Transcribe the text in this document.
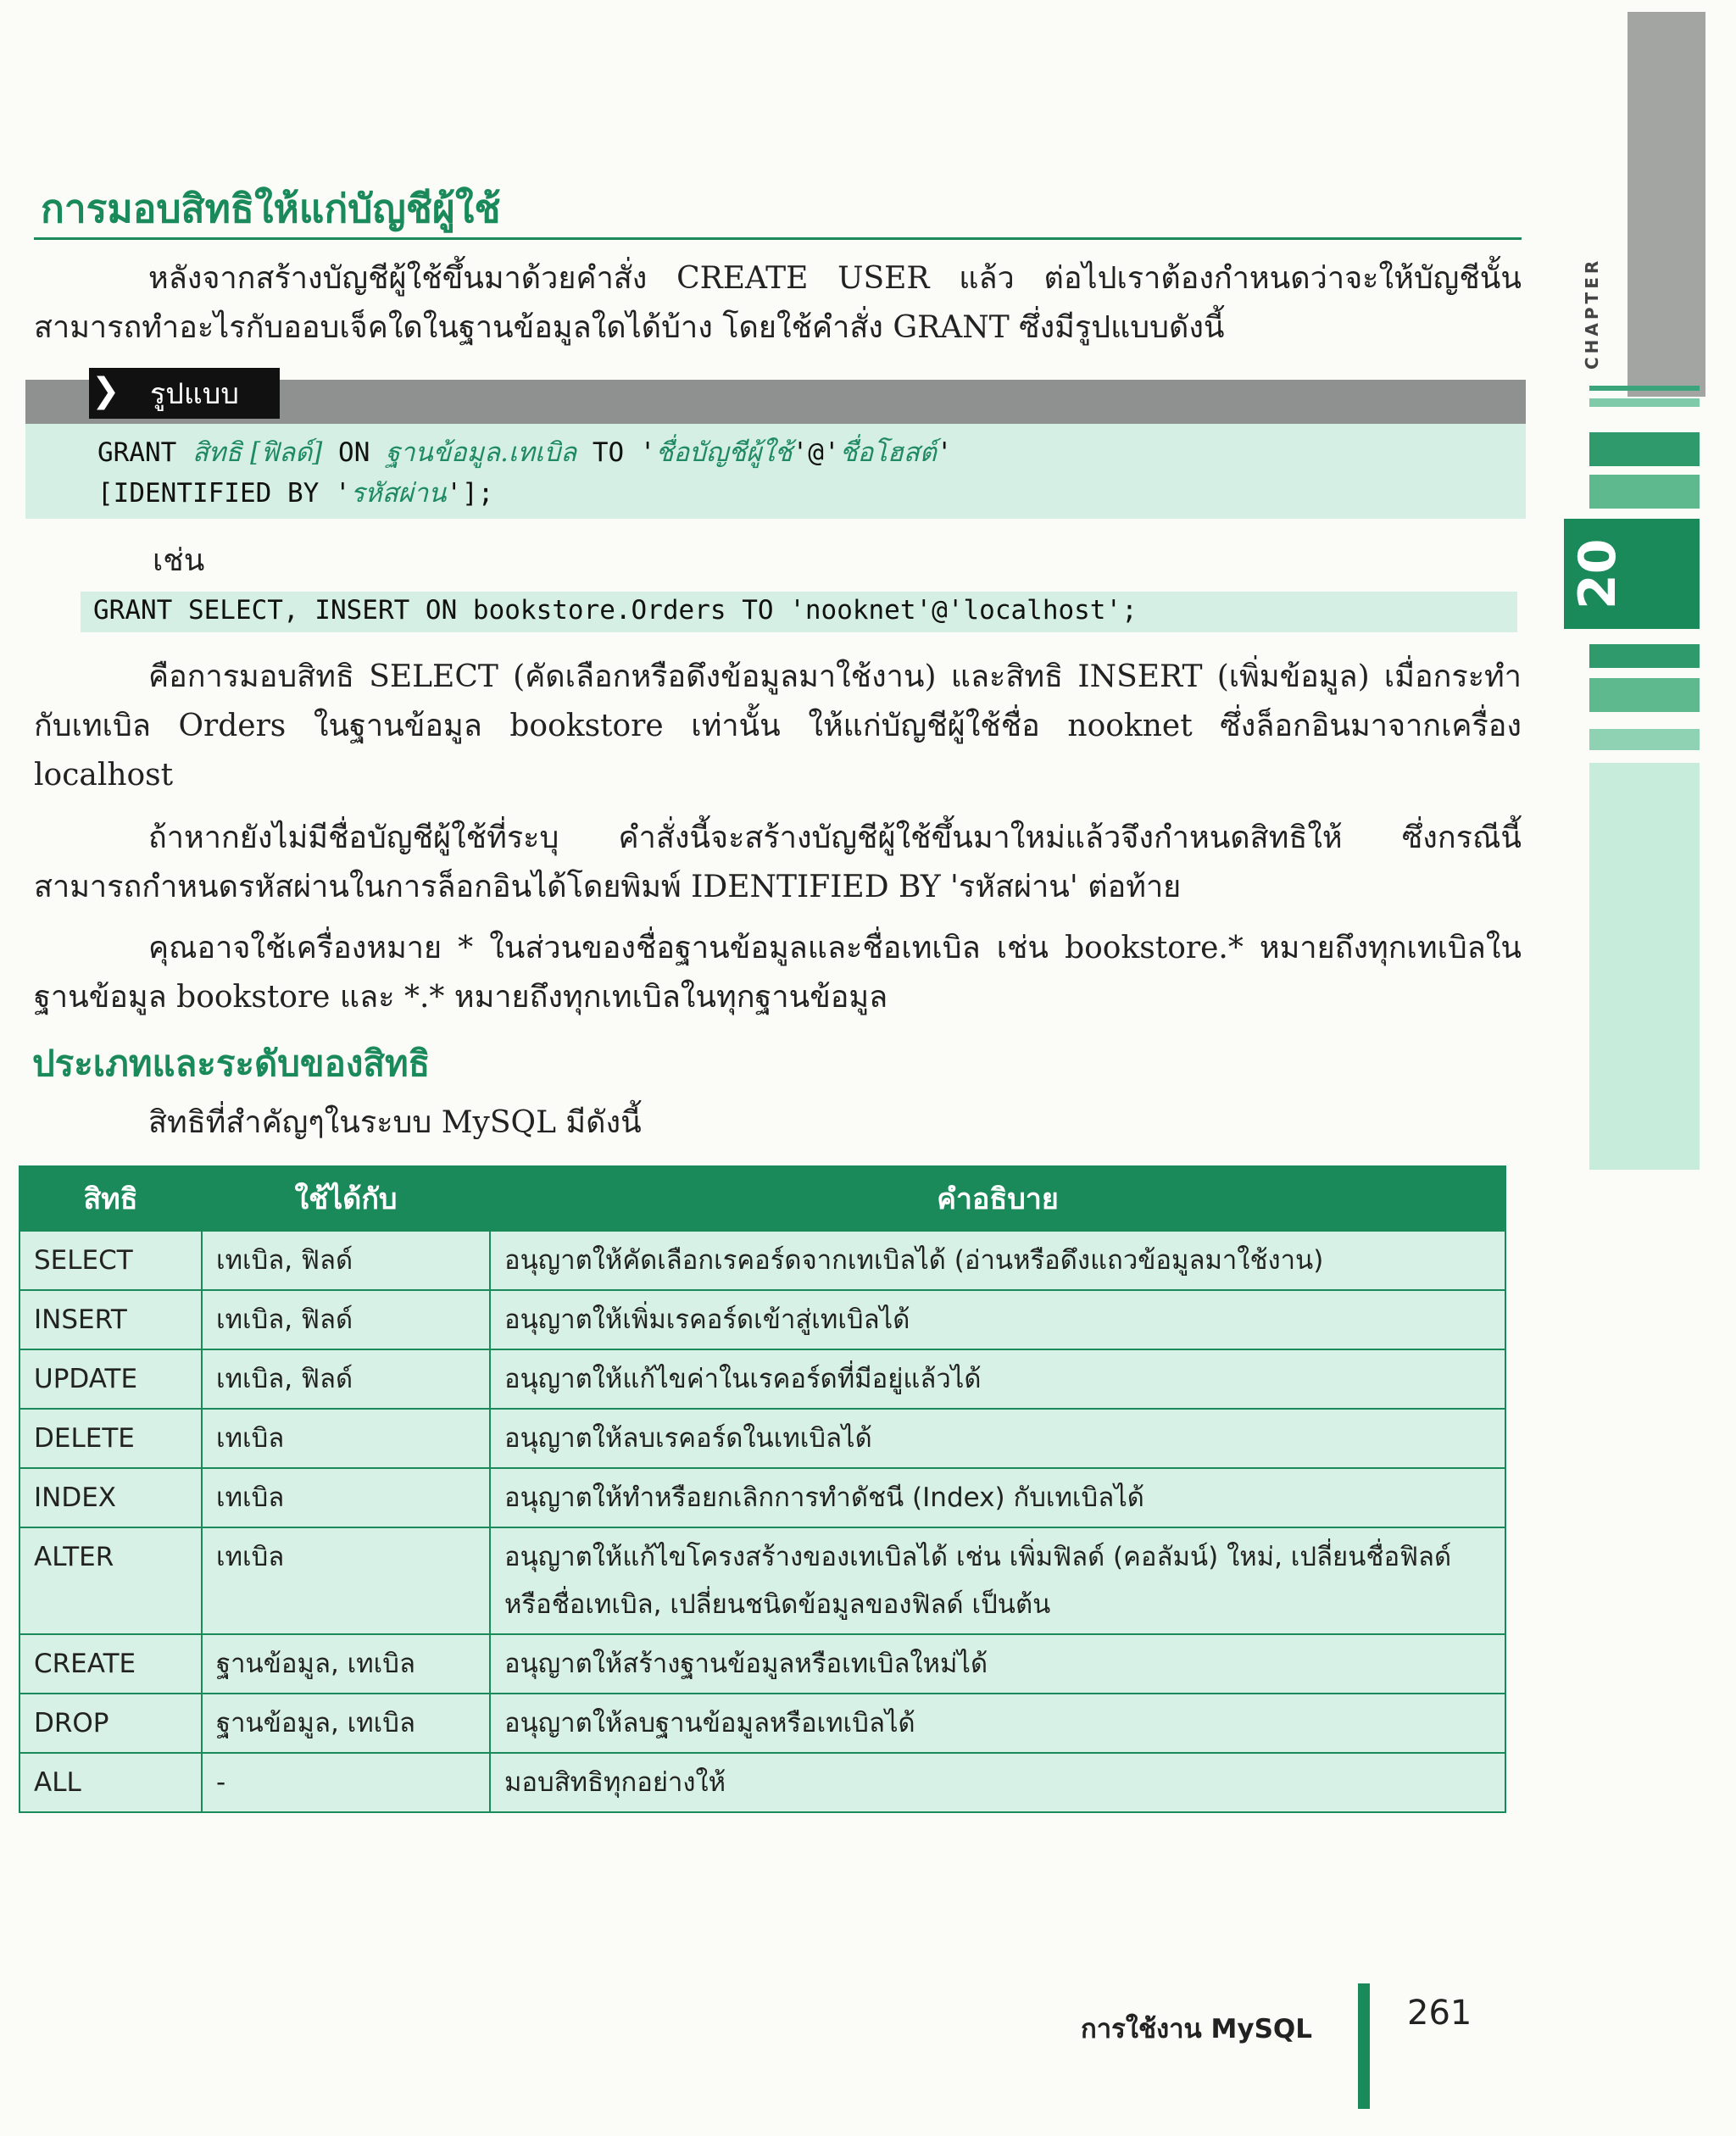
CHAPTER
20
การมอบสิทธิให้แก่บัญชีผู้ใช้

หลังจากสร้างบัญชีผู้ใช้ขึ้นมาด้วยคำสั่ง CREATE USER แล้ว ต่อไปเราต้องกำหนดว่าจะให้บัญชีนั้นสามารถทำอะไรกับออบเจ็คใดในฐานข้อมูลใดได้บ้าง โดยใช้คำสั่ง GRANT ซึ่งมีรูปแบบดังนี้

รูปแบบ
❯
GRANT สิทธิ [ฟิลด์] ON ฐานข้อมูล.เทเบิล TO 'ชื่อบัญชีผู้ใช้'@'ชื่อโฮสต์'
[IDENTIFIED BY 'รหัสผ่าน'];
เช่น
GRANT SELECT, INSERT ON bookstore.Orders TO 'nooknet'@'localhost';

คือการมอบสิทธิ SELECT (คัดเลือกหรือดึงข้อมูลมาใช้งาน) และสิทธิ INSERT (เพิ่มข้อมูล) เมื่อกระทำกับเทเบิล Orders ในฐานข้อมูล bookstore เท่านั้น ให้แก่บัญชีผู้ใช้ชื่อ nooknet ซึ่งล็อกอินมาจากเครื่อง localhost

ถ้าหากยังไม่มีชื่อบัญชีผู้ใช้ที่ระบุ คำสั่งนี้จะสร้างบัญชีผู้ใช้ขึ้นมาใหม่แล้วจึงกำหนดสิทธิให้ ซึ่งกรณีนี้สามารถกำหนดรหัสผ่านในการล็อกอินได้โดยพิมพ์ IDENTIFIED BY 'รหัสผ่าน' ต่อท้าย

คุณอาจใช้เครื่องหมาย * ในส่วนของชื่อฐานข้อมูลและชื่อเทเบิล เช่น bookstore.* หมายถึงทุกเทเบิลในฐานข้อมูล bookstore และ *.* หมายถึงทุกเทเบิลในทุกฐานข้อมูล

ประเภทและระดับของสิทธิ
สิทธิที่สำคัญๆในระบบ MySQL มีดังนี้
สิทธิ	ใช้ได้กับ	คำอธิบาย
SELECT	เทเบิล, ฟิลด์	อนุญาตให้คัดเลือกเรคอร์ดจากเทเบิลได้ (อ่านหรือดึงแถวข้อมูลมาใช้งาน)
INSERT	เทเบิล, ฟิลด์	อนุญาตให้เพิ่มเรคอร์ดเข้าสู่เทเบิลได้
UPDATE	เทเบิล, ฟิลด์	อนุญาตให้แก้ไขค่าในเรคอร์ดที่มีอยู่แล้วได้
DELETE	เทเบิล	อนุญาตให้ลบเรคอร์ดในเทเบิลได้
INDEX	เทเบิล	อนุญาตให้ทำหรือยกเลิกการทำดัชนี (Index) กับเทเบิลได้
ALTER	เทเบิล	อนุญาตให้แก้ไขโครงสร้างของเทเบิลได้ เช่น เพิ่มฟิลด์ (คอลัมน์) ใหม่, เปลี่ยนชื่อฟิลด์หรือชื่อเทเบิล, เปลี่ยนชนิดข้อมูลของฟิลด์ เป็นต้น
CREATE	ฐานข้อมูล, เทเบิล	อนุญาตให้สร้างฐานข้อมูลหรือเทเบิลใหม่ได้
DROP	ฐานข้อมูล, เทเบิล	อนุญาตให้ลบฐานข้อมูลหรือเทเบิลได้
ALL	-	มอบสิทธิทุกอย่างให้
การใช้งาน MySQL	261
